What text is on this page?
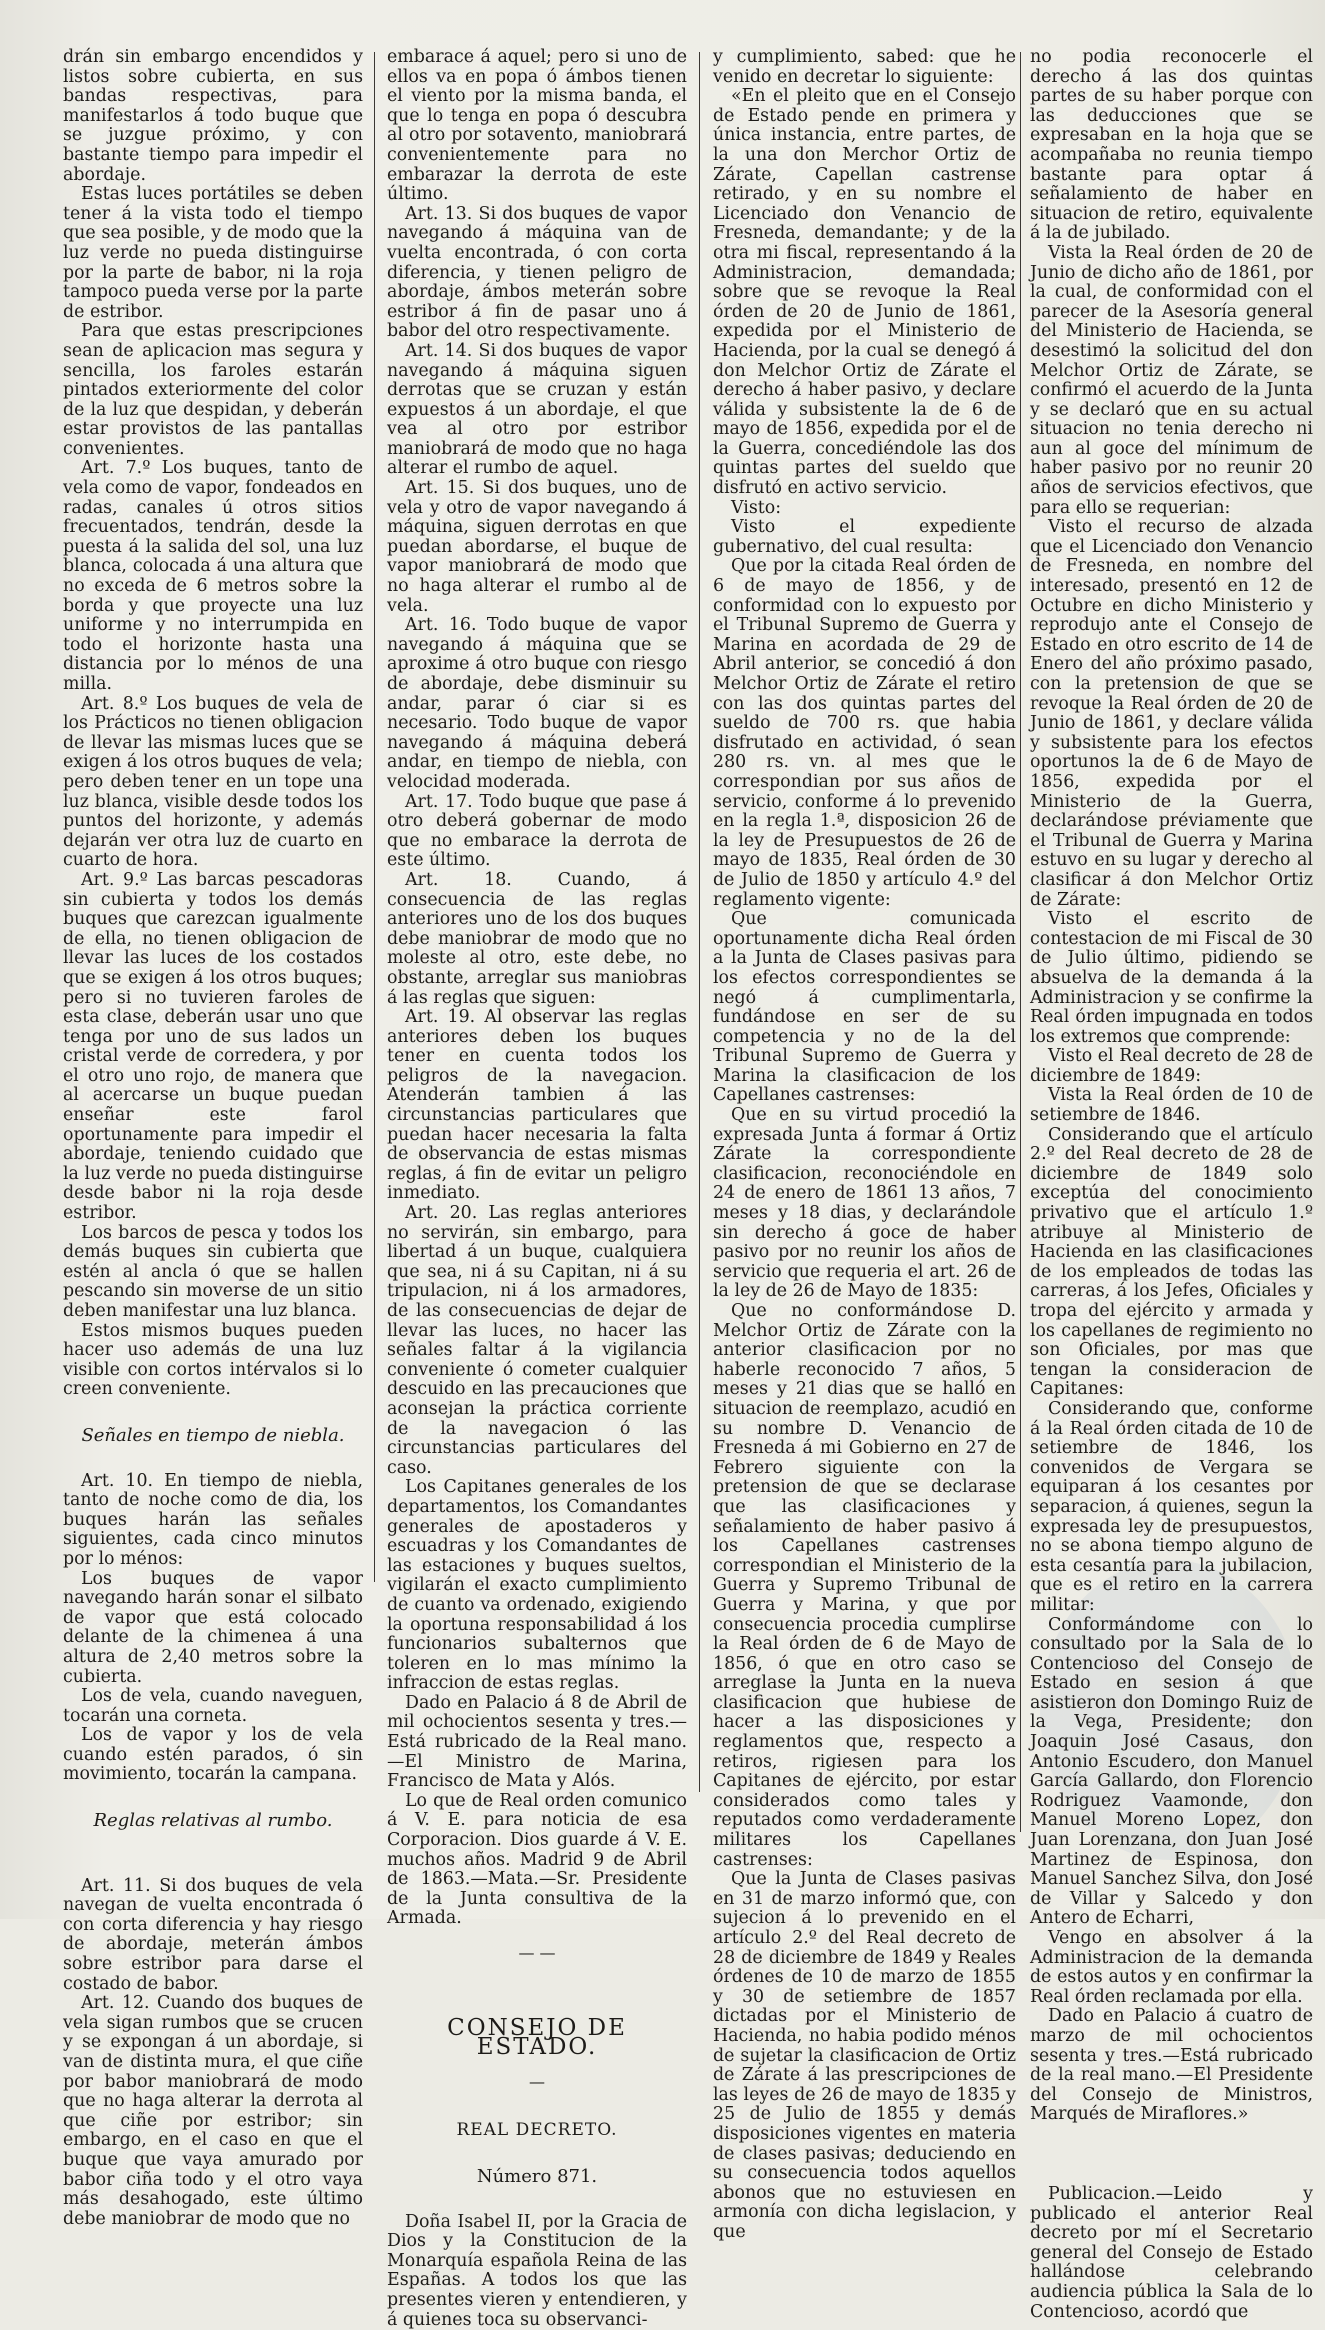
drán sin embargo encendidos y listos sobre cubierta, en sus bandas respectivas, para manifestarlos á todo buque que se juzgue próximo, y con bastante tiempo para impedir el abordaje.

Estas luces portátiles se deben tener á la vista todo el tiempo que sea posible, y de modo que la luz verde no pueda distinguirse por la parte de babor, ni la roja tampoco pueda verse por la parte de estribor.

Para que estas prescripciones sean de aplicacion mas segura y sencilla, los faroles estarán pintados exteriormente del color de la luz que despidan, y deberán estar provistos de las pantallas convenientes.

Art. 7.º Los buques, tanto de vela como de vapor, fondeados en radas, canales ú otros sitios frecuentados, tendrán, desde la puesta á la salida del sol, una luz blanca, colocada á una altura que no exceda de 6 metros sobre la borda y que proyecte una luz uniforme y no interrumpida en todo el horizonte hasta una distancia por lo ménos de una milla.

Art. 8.º Los buques de vela de los Prácticos no tienen obligacion de llevar las mismas luces que se exigen á los otros buques de vela; pero deben tener en un tope una luz blanca, visible desde todos los puntos del horizonte, y además dejarán ver otra luz de cuarto en cuarto de hora.

Art. 9.º Las barcas pescadoras sin cubierta y todos los demás buques que carezcan igualmente de ella, no tienen obligacion de llevar las luces de los costados que se exigen á los otros buques; pero si no tuvieren faroles de esta clase, deberán usar uno que tenga por uno de sus lados un cristal verde de corredera, y por el otro uno rojo, de manera que al acercarse un buque puedan enseñar este farol oportunamente para impedir el abordaje, teniendo cuidado que la luz verde no pueda distinguirse desde babor ni la roja desde estribor.

Los barcos de pesca y todos los demás buques sin cubierta que estén al ancla ó que se hallen pescando sin moverse de un sitio deben manifestar una luz blanca.

Estos mismos buques pueden hacer uso además de una luz visible con cortos intérvalos si lo creen conveniente.

Señales en tiempo de niebla.

Art. 10. En tiempo de niebla, tanto de noche como de dia, los buques harán las señales siguientes, cada cinco minutos por lo ménos:

Los buques de vapor navegando harán sonar el silbato de vapor que está colocado delante de la chimenea á una altura de 2,40 metros sobre la cubierta.

Los de vela, cuando naveguen, tocarán una corneta.

Los de vapor y los de vela cuando estén parados, ó sin movimiento, tocarán la campana.

Reglas relativas al rumbo.

Art. 11. Si dos buques de vela navegan de vuelta encontrada ó con corta diferencia y hay riesgo de abordaje, meterán ámbos sobre estribor para darse el costado de babor.

Art. 12. Cuando dos buques de vela sigan rumbos que se crucen y se expongan á un abordaje, si van de distinta mura, el que ciñe por babor maniobrará de modo que no haga alterar la derrota al que ciñe por estribor; sin embargo, en el caso en que el buque que vaya amurado por babor ciña todo y el otro vaya más desahogado, este último debe maniobrar de modo que no

embarace á aquel; pero si uno de ellos va en popa ó ámbos tienen el viento por la misma banda, el que lo tenga en popa ó descubra al otro por sotavento, maniobrará convenientemente para no embarazar la derrota de este último.

Art. 13. Si dos buques de vapor navegando á máquina van de vuelta encontrada, ó con corta diferencia, y tienen peligro de abordaje, ámbos meterán sobre estribor á fin de pasar uno á babor del otro respectivamente.

Art. 14. Si dos buques de vapor navegando á máquina siguen derrotas que se cruzan y están expuestos á un abordaje, el que vea al otro por estribor maniobrará de modo que no haga alterar el rumbo de aquel.

Art. 15. Si dos buques, uno de vela y otro de vapor navegando á máquina, siguen derrotas en que puedan abordarse, el buque de vapor maniobrará de modo que no haga alterar el rumbo al de vela.

Art. 16. Todo buque de vapor navegando á máquina que se aproxime á otro buque con riesgo de abordaje, debe disminuir su andar, parar ó ciar si es necesario. Todo buque de vapor navegando á máquina deberá andar, en tiempo de niebla, con velocidad moderada.

Art. 17. Todo buque que pase á otro deberá gobernar de modo que no embarace la derrota de este último.

Art. 18. Cuando, á consecuencia de las reglas anteriores uno de los dos buques debe maniobrar de modo que no moleste al otro, este debe, no obstante, arreglar sus maniobras á las reglas que siguen:

Art. 19. Al observar las reglas anteriores deben los buques tener en cuenta todos los peligros de la navegacion. Atenderán tambien á las circunstancias particulares que puedan hacer necesaria la falta de observancia de estas mismas reglas, á fin de evitar un peligro inmediato.

Art. 20. Las reglas anteriores no servirán, sin embargo, para libertad á un buque, cualquiera que sea, ni á su Capitan, ni á su tripulacion, ni á los armadores, de las consecuencias de dejar de llevar las luces, no hacer las señales faltar á la vigilancia conveniente ó cometer cualquier descuido en las precauciones que aconsejan la práctica corriente de la navegacion ó las circunstancias particulares del caso.

Los Capitanes generales de los departamentos, los Comandantes generales de apostaderos y escuadras y los Comandantes de las estaciones y buques sueltos, vigilarán el exacto cumplimiento de cuanto va ordenado, exigiendo la oportuna responsabilidad á los funcionarios subalternos que toleren en lo mas mínimo la infraccion de estas reglas.

Dado en Palacio á 8 de Abril de mil ochocientos sesenta y tres.—Está rubricado de la Real mano.—El Ministro de Marina, Francisco de Mata y Alós.

Lo que de Real orden comunico á V. E. para noticia de esa Corporacion. Dios guarde á V. E. muchos años. Madrid 9 de Abril de 1863.—Mata.—Sr. Presidente de la Junta consultiva de la Armada.

— —
CONSEJO DE ESTADO.
—
REAL DECRETO.
Número 871.

Doña Isabel II, por la Gracia de Dios y la Constitucion de la Monarquía española Reina de las Españas. A todos los que las presentes vieren y entendieren, y á quienes toca su observanci-

y cumplimiento, sabed: que he venido en decretar lo siguiente:

«En el pleito que en el Consejo de Estado pende en primera y única instancia, entre partes, de la una don Merchor Ortiz de Zárate, Capellan castrense retirado, y en su nombre el Licenciado don Venancio de Fresneda, demandante; y de la otra mi fiscal, representando á la Administracion, demandada; sobre que se revoque la Real órden de 20 de Junio de 1861, expedida por el Ministerio de Hacienda, por la cual se denegó á don Melchor Ortiz de Zárate el derecho á haber pasivo, y declare válida y subsistente la de 6 de mayo de 1856, expedida por el de la Guerra, concediéndole las dos quintas partes del sueldo que disfrutó en activo servicio.

Visto:

Visto el expediente gubernativo, del cual resulta:

Que por la citada Real órden de 6 de mayo de 1856, y de conformidad con lo expuesto por el Tribunal Supremo de Guerra y Marina en acordada de 29 de Abril anterior, se concedió á don Melchor Ortiz de Zárate el retiro con las dos quintas partes del sueldo de 700 rs. que habia disfrutado en actividad, ó sean 280 rs. vn. al mes que le correspondian por sus años de servicio, conforme á lo prevenido en la regla 1.ª, disposicion 26 de la ley de Presupuestos de 26 de mayo de 1835, Real órden de 30 de Julio de 1850 y artículo 4.º del reglamento vigente:

Que comunicada oportunamente dicha Real órden a la Junta de Clases pasivas para los efectos correspondientes se negó á cumplimentarla, fundándose en ser de su competencia y no de la del Tribunal Supremo de Guerra y Marina la clasificacion de los Capellanes castrenses:

Que en su virtud procedió la expresada Junta á formar á Ortiz Zárate la correspondiente clasificacion, reconociéndole en 24 de enero de 1861 13 años, 7 meses y 18 dias, y declarándole sin derecho á goce de haber pasivo por no reunir los años de servicio que requeria el art. 26 de la ley de 26 de Mayo de 1835:

Que no conformándose D. Melchor Ortiz de Zárate con la anterior clasificacion por no haberle reconocido 7 años, 5 meses y 21 dias que se halló en situacion de reemplazo, acudió en su nombre D. Venancio de Fresneda á mi Gobierno en 27 de Febrero siguiente con la pretension de que se declarase que las clasificaciones y señalamiento de haber pasivo á los Capellanes castrenses correspondian el Ministerio de la Guerra y Supremo Tribunal de Guerra y Marina, y que por consecuencia procedia cumplirse la Real órden de 6 de Mayo de 1856, ó que en otro caso se arreglase la Junta en la nueva clasificacion que hubiese de hacer a las disposiciones y reglamentos que, respecto a retiros, rigiesen para los Capitanes de ejército, por estar considerados como tales y reputados como verdaderamente militares los Capellanes castrenses:

Que la Junta de Clases pasivas en 31 de marzo informó que, con sujecion á lo prevenido en el artículo 2.º del Real decreto de 28 de diciembre de 1849 y Reales órdenes de 10 de marzo de 1855 y 30 de setiembre de 1857 dictadas por el Ministerio de Hacienda, no habia podido ménos de sujetar la clasificacion de Ortiz de Zárate á las prescripciones de las leyes de 26 de mayo de 1835 y 25 de Julio de 1855 y demás disposiciones vigentes en materia de clases pasivas; deduciendo en su consecuencia todos aquellos abonos que no estuviesen en armonía con dicha legislacion, y que

no podia reconocerle el derecho á las dos quintas partes de su haber porque con las deducciones que se expresaban en la hoja que se acompañaba no reunia tiempo bastante para optar á señalamiento de haber en situacion de retiro, equivalente á la de jubilado.

Vista la Real órden de 20 de Junio de dicho año de 1861, por la cual, de conformidad con el parecer de la Asesoría general del Ministerio de Hacienda, se desestimó la solicitud del don Melchor Ortiz de Zárate, se confirmó el acuerdo de la Junta y se declaró que en su actual situacion no tenia derecho ni aun al goce del mínimum de haber pasivo por no reunir 20 años de servicios efectivos, que para ello se requerian:

Visto el recurso de alzada que el Licenciado don Venancio de Fresneda, en nombre del interesado, presentó en 12 de Octubre en dicho Ministerio y reprodujo ante el Consejo de Estado en otro escrito de 14 de Enero del año próximo pasado, con la pretension de que se revoque la Real órden de 20 de Junio de 1861, y declare válida y subsistente para los efectos oportunos la de 6 de Mayo de 1856, expedida por el Ministerio de la Guerra, declarándose préviamente que el Tribunal de Guerra y Marina estuvo en su lugar y derecho al clasificar á don Melchor Ortiz de Zárate:

Visto el escrito de contestacion de mi Fiscal de 30 de Julio último, pidiendo se absuelva de la demanda á la Administracion y se confirme la Real órden impugnada en todos los extremos que comprende:

Visto el Real decreto de 28 de diciembre de 1849:

Vista la Real órden de 10 de setiembre de 1846.

Considerando que el artículo 2.º del Real decreto de 28 de diciembre de 1849 solo exceptúa del conocimiento privativo que el artículo 1.º atribuye al Ministerio de Hacienda en las clasificaciones de los empleados de todas las carreras, á los Jefes, Oficiales y tropa del ejército y armada y los capellanes de regimiento no son Oficiales, por mas que tengan la consideracion de Capitanes:

Considerando que, conforme á la Real órden citada de 10 de setiembre de 1846, los convenidos de Vergara se equiparan á los cesantes por separacion, á quienes, segun la expresada ley de presupuestos, no se abona tiempo alguno de esta cesantía para la jubilacion, que es el retiro en la carrera militar:

Conformándome con lo consultado por la Sala de lo Contencioso del Consejo de Estado en sesion á que asistieron don Domingo Ruiz de la Vega, Presidente; don Joaquin José Casaus, don Antonio Escudero, don Manuel García Gallardo, don Florencio Rodriguez Vaamonde, don Manuel Moreno Lopez, don Juan Lorenzana, don Juan José Martinez de Espinosa, don Manuel Sanchez Silva, don José de Villar y Salcedo y don Antero de Echarri,

Vengo en absolver á la Administracion de la demanda de estos autos y en confirmar la Real órden reclamada por ella.

Dado en Palacio á cuatro de marzo de mil ochocientos sesenta y tres.—Está rubricado de la real mano.—El Presidente del Consejo de Ministros, Marqués de Miraflores.»

Publicacion.—Leido y publicado el anterior Real decreto por mí el Secretario general del Consejo de Estado hallándose celebrando audiencia pública la Sala de lo Contencioso, acordó que
